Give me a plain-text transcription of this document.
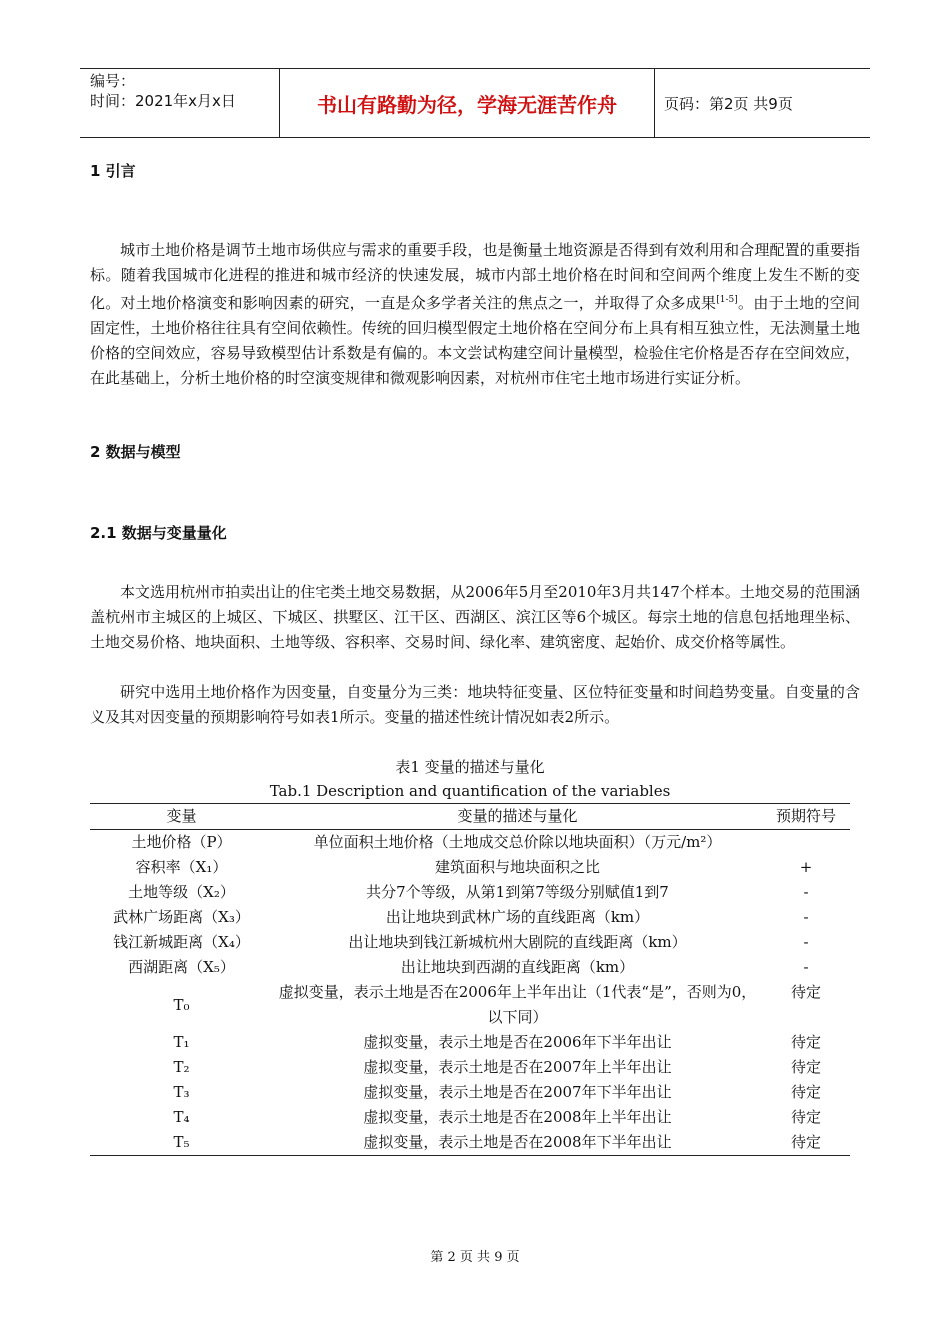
编号：
时间：2021年x月x日	书山有路勤为径，学海无涯苦作舟	页码：第2页 共9页
1 引言
城市土地价格是调节土地市场供应与需求的重要手段，也是衡量土地资源是否得到有效利用和合理配置的重要指标。随着我国城市化进程的推进和城市经济的快速发展，城市内部土地价格在时间和空间两个维度上发生不断的变化。对土地价格演变和影响因素的研究，一直是众多学者关注的焦点之一，并取得了众多成果[1-5]。由于土地的空间固定性，土地价格往往具有空间依赖性。传统的回归模型假定土地价格在空间分布上具有相互独立性，无法测量土地价格的空间效应，容易导致模型估计系数是有偏的。本文尝试构建空间计量模型，检验住宅价格是否存在空间效应，在此基础上，分析土地价格的时空演变规律和微观影响因素，对杭州市住宅土地市场进行实证分析。
2 数据与模型
2.1 数据与变量量化
本文选用杭州市拍卖出让的住宅类土地交易数据，从2006年5月至2010年3月共147个样本。土地交易的范围涵盖杭州市主城区的上城区、下城区、拱墅区、江干区、西湖区、滨江区等6个城区。每宗土地的信息包括地理坐标、土地交易价格、地块面积、土地等级、容积率、交易时间、绿化率、建筑密度、起始价、成交价格等属性。
研究中选用土地价格作为因变量，自变量分为三类：地块特征变量、区位特征变量和时间趋势变量。自变量的含义及其对因变量的预期影响符号如表1所示。变量的描述性统计情况如表2所示。
表1 变量的描述与量化
Tab.1 Description and quantification of the variables
变量	变量的描述与量化	预期符号
土地价格（P）	单位面积土地价格（土地成交总价除以地块面积）（万元/m²）	
容积率（X₁）	建筑面积与地块面积之比	+
土地等级（X₂）	共分7个等级，从第1到第7等级分别赋值1到7	-
武林广场距离（X₃）	出让地块到武林广场的直线距离（km）	-
钱江新城距离（X₄）	出让地块到钱江新城杭州大剧院的直线距离（km）	-
西湖距离（X₅）	出让地块到西湖的直线距离（km）	-
T₀	虚拟变量，表示土地是否在2006年上半年出让（1代表“是”，否则为0，以下同）	待定
T₁	虚拟变量，表示土地是否在2006年下半年出让	待定
T₂	虚拟变量，表示土地是否在2007年上半年出让	待定
T₃	虚拟变量，表示土地是否在2007年下半年出让	待定
T₄	虚拟变量，表示土地是否在2008年上半年出让	待定
T₅	虚拟变量，表示土地是否在2008年下半年出让	待定
第 2 页 共 9 页
